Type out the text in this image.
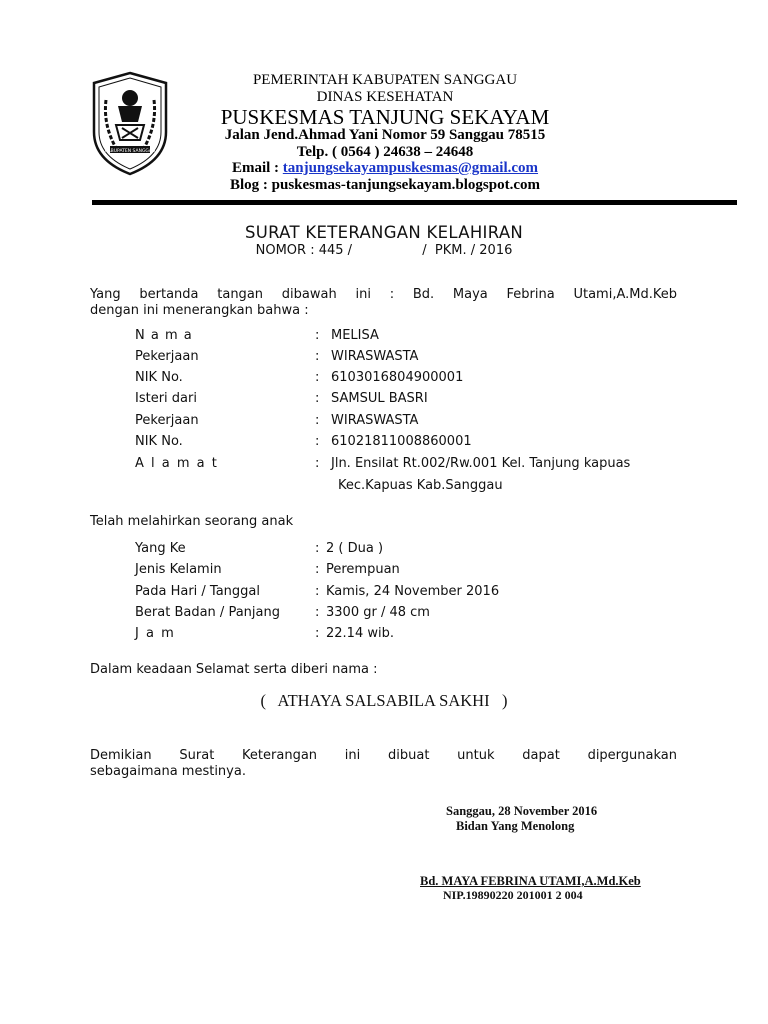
KABUPATEN SANGGAU
PEMERINTAH KABUPATEN SANGGAU
DINAS KESEHATAN
PUSKESMAS TANJUNG SEKAYAM
Jalan Jend.Ahmad Yani Nomor 59 Sanggau 78515
Telp. ( 0564 ) 24638 – 24648
Email : tanjungsekayampuskesmas@gmail.com
Blog : puskesmas-tanjungsekayam.blogspot.com
SURAT KETERANGAN KELAHIRAN
NOMOR : 445 /                 /  PKM. / 2016
Yang bertanda tangan dibawah ini : Bd. Maya Febrina Utami,A.Md.Keb
dengan ini menerangkan bahwa :
N a m a	: MELISA
Pekerjaan	: WIRASWASTA
NIK No.	: 6103016804900001
Isteri dari	: SAMSUL BASRI
Pekerjaan	: WIRASWASTA
NIK No.	: 61021811008860001
A l a m a t	: Jln. Ensilat Rt.002/Rw.001 Kel. Tanjung kapuas
Kec.Kapuas Kab.Sanggau
Telah melahirkan seorang anak
Yang Ke	: 2 ( Dua )
Jenis Kelamin	: Perempuan
Pada Hari / Tanggal	: Kamis, 24 November 2016
Berat Badan / Panjang	: 3300 gr / 48 cm
J a m	: 22.14 wib.
Dalam keadaan Selamat serta diberi nama :
(   ATHAYA SALSABILA SAKHI   )
Demikian Surat Keterangan ini dibuat untuk dapat dipergunakan
sebagaimana mestinya.
Sanggau, 28 November 2016
Bidan Yang Menolong
Bd. MAYA FEBRINA UTAMI,A.Md.Keb
NIP.19890220 201001 2 004
